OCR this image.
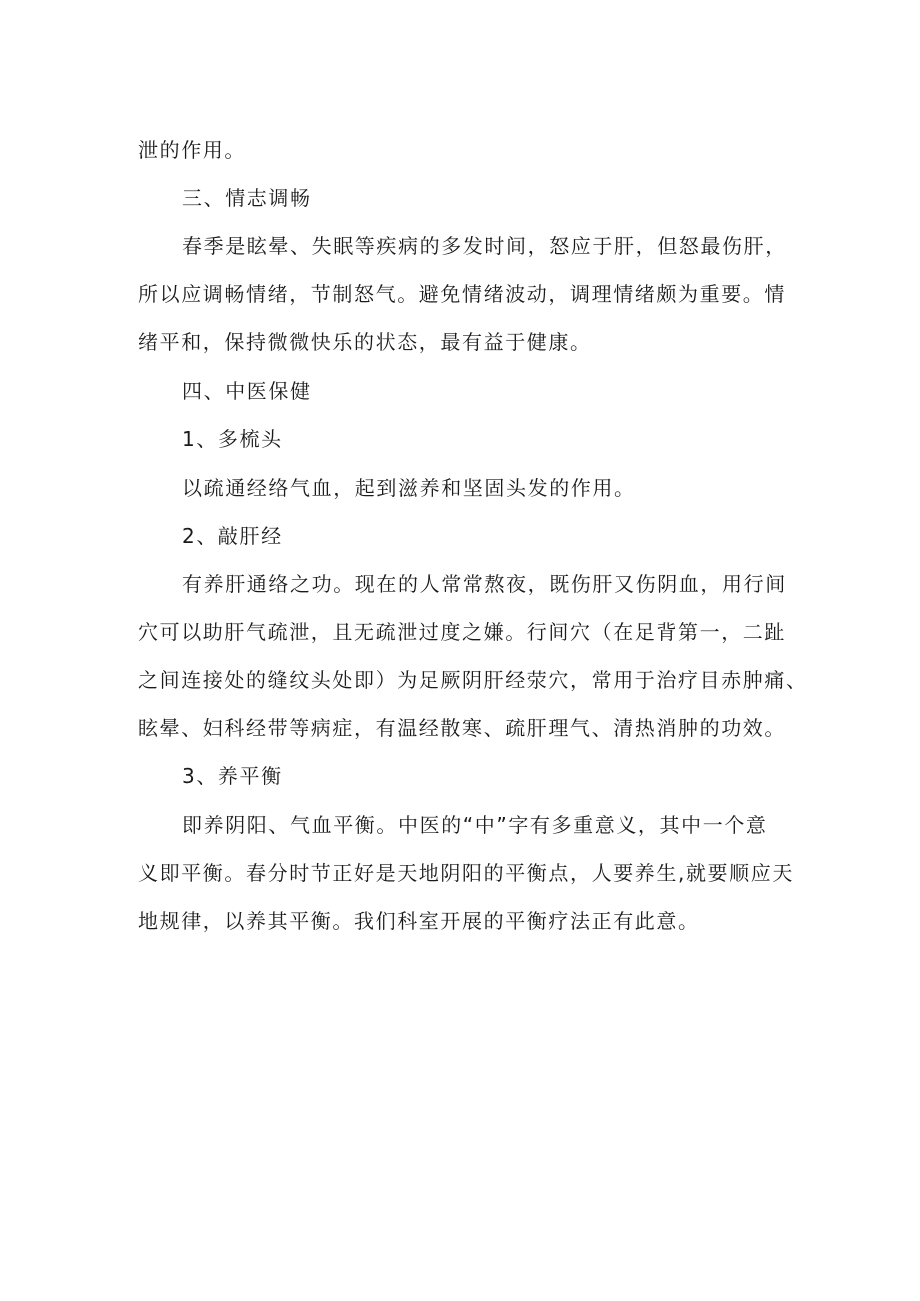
泄的作用。
三、情志调畅
春季是眩晕、失眠等疾病的多发时间，怒应于肝，但怒最伤肝，
所以应调畅情绪，节制怒气。避免情绪波动，调理情绪颇为重要。情
绪平和，保持微微快乐的状态，最有益于健康。
四、中医保健
1、多梳头
以疏通经络气血，起到滋养和坚固头发的作用。
2、敲肝经
有养肝通络之功。现在的人常常熬夜，既伤肝又伤阴血，用行间
穴可以助肝气疏泄，且无疏泄过度之嫌。行间穴（在足背第一，二趾
之间连接处的缝纹头处即）为足厥阴肝经荥穴，常用于治疗目赤肿痛、
眩晕、妇科经带等病症，有温经散寒、疏肝理气、清热消肿的功效。
3、养平衡
即养阴阳、气血平衡。中医的“中”字有多重意义，其中一个意
义即平衡。春分时节正好是天地阴阳的平衡点，人要养生,就要顺应天
地规律，以养其平衡。我们科室开展的平衡疗法正有此意。
